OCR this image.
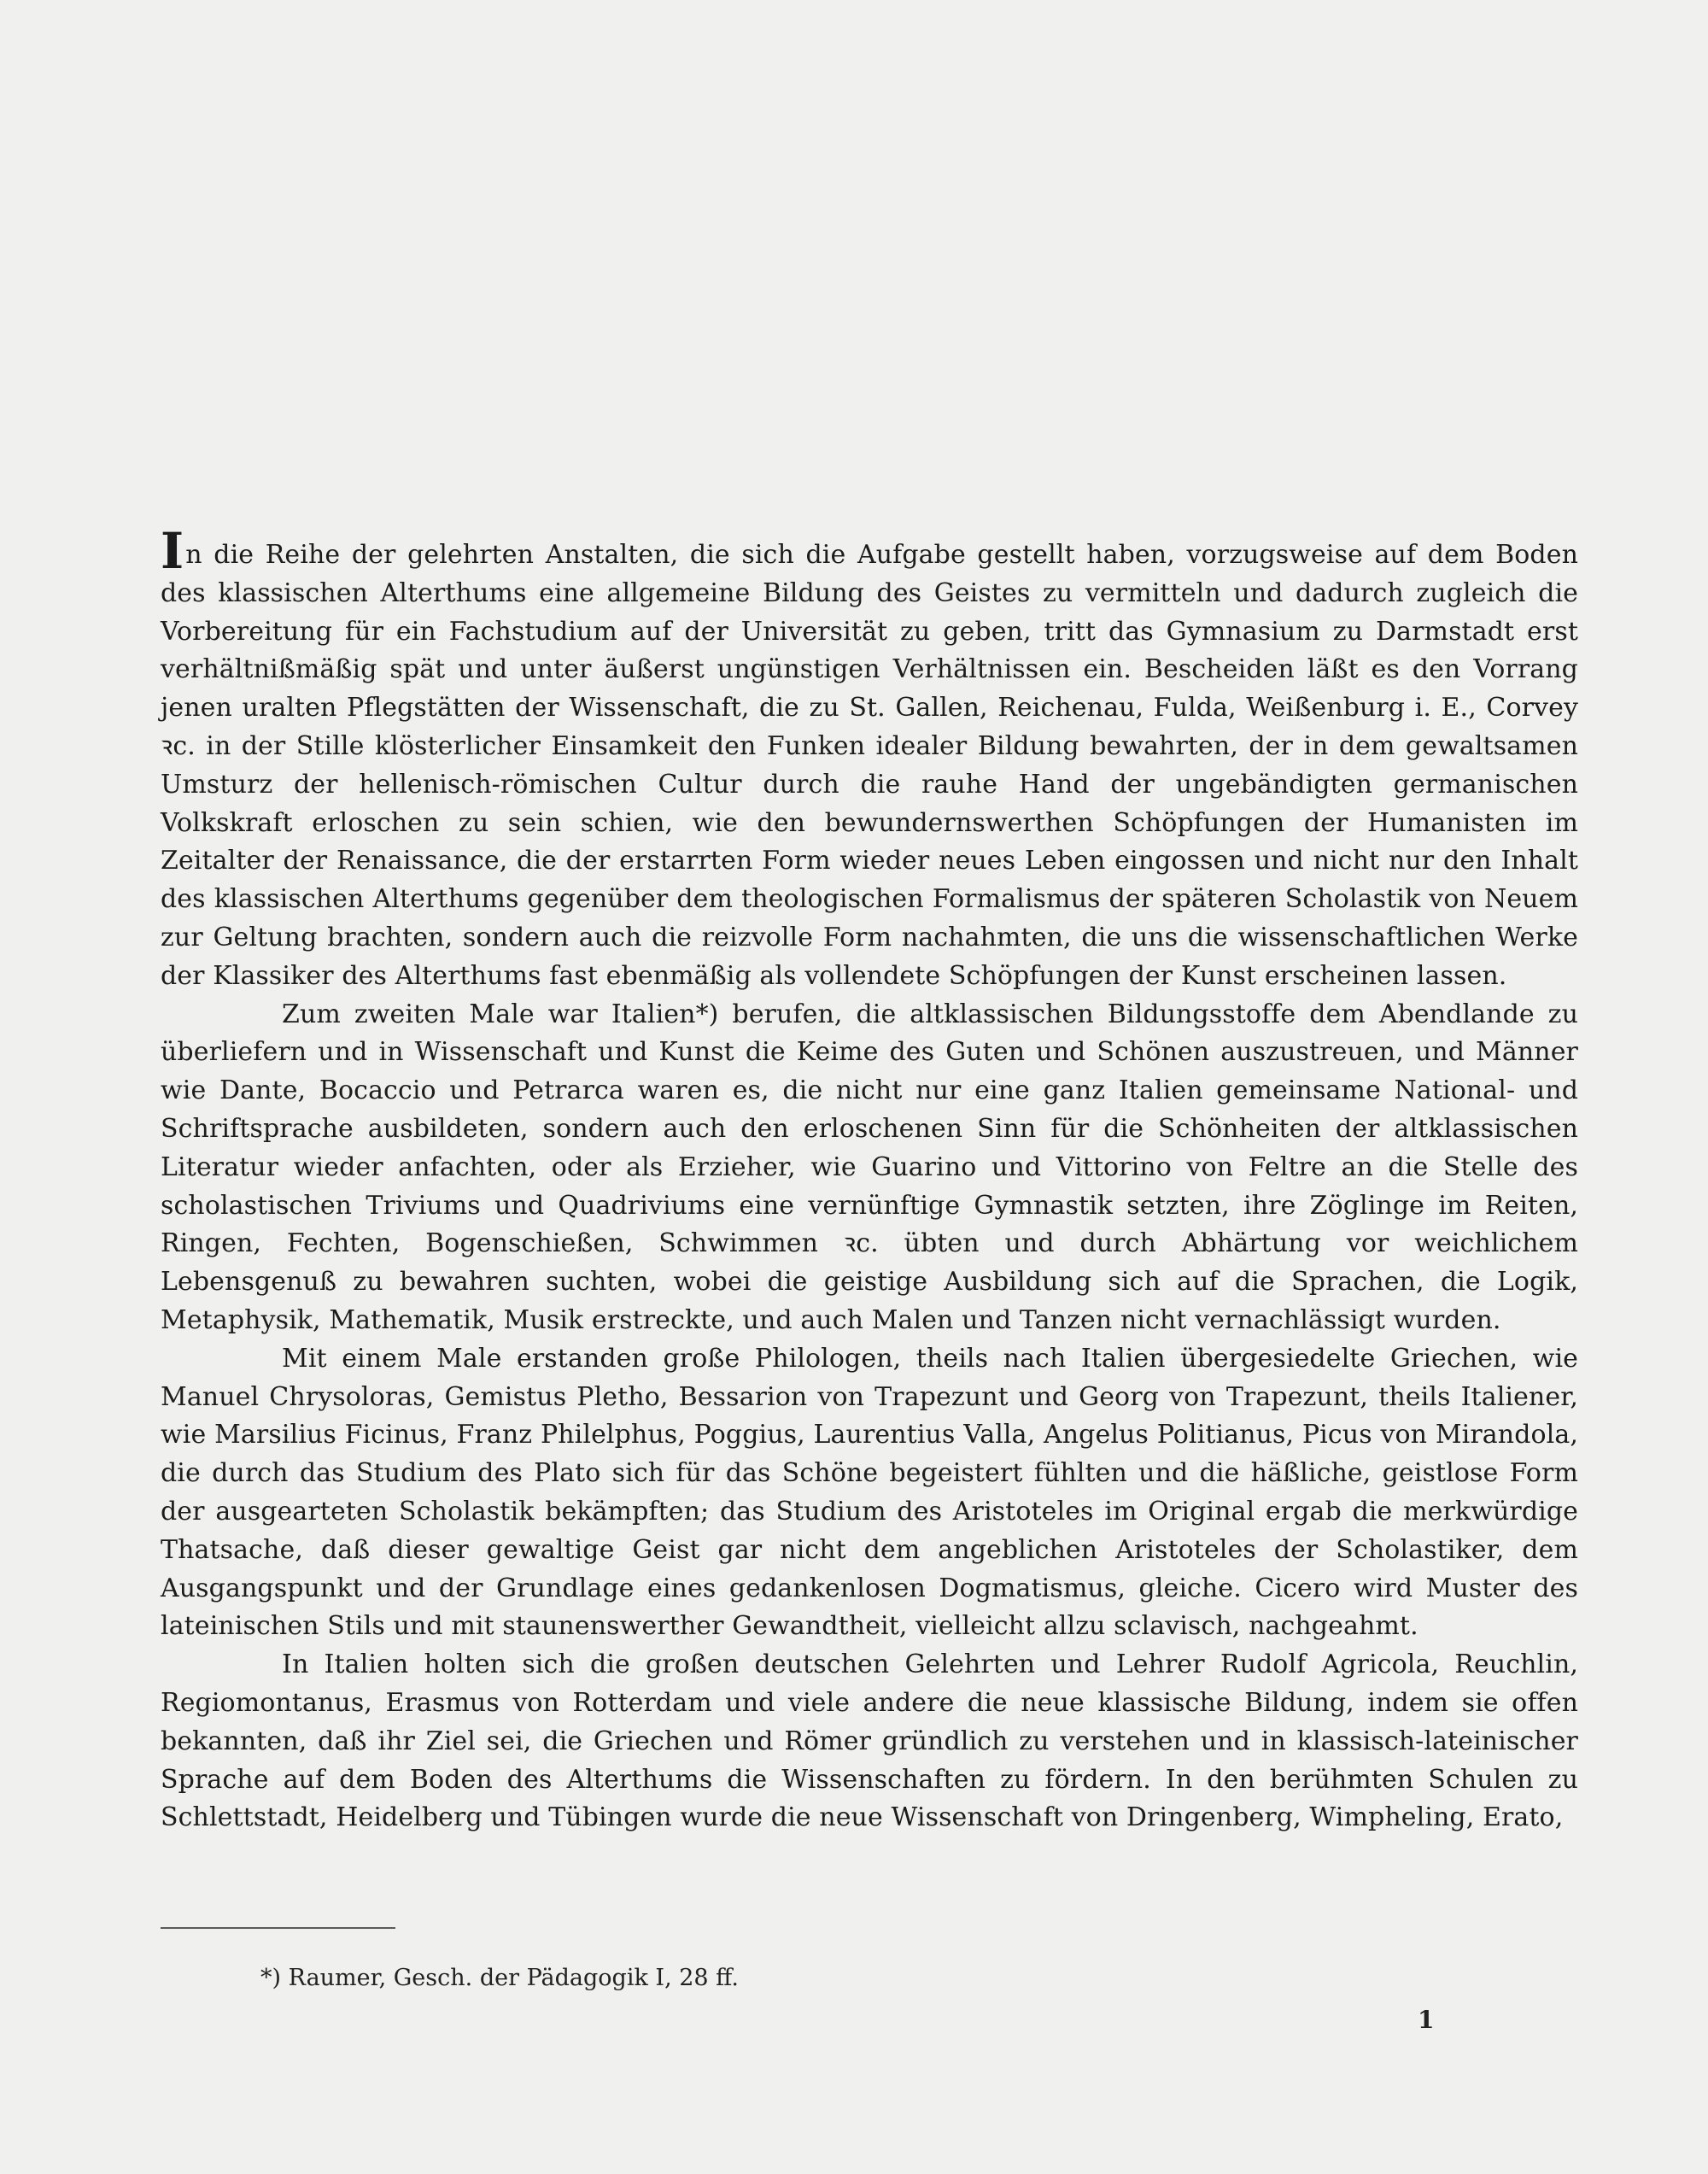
In die Reihe der gelehrten Anstalten, die sich die Aufgabe gestellt haben, vorzugsweise auf dem Boden des klassischen Alterthums eine allgemeine Bildung des Geistes zu vermitteln und dadurch zugleich die Vorbereitung für ein Fachstudium auf der Universität zu geben, tritt das Gymnasium zu Darmstadt erst verhältnißmäßig spät und unter äußerst ungünstigen Verhältnissen ein. Bescheiden läßt es den Vorrang jenen uralten Pflegstätten der Wissenschaft, die zu St. Gallen, Reichenau, Fulda, Weißenburg i. E., Corvey ꝛc. in der Stille klösterlicher Einsamkeit den Funken idealer Bildung bewahrten, der in dem gewaltsamen Umsturz der hellenisch-römischen Cultur durch die rauhe Hand der ungebändigten germanischen Volkskraft erloschen zu sein schien, wie den bewundernswerthen Schöpfungen der Humanisten im Zeitalter der Renaissance, die der erstarrten Form wieder neues Leben eingossen und nicht nur den Inhalt des klassischen Alterthums gegenüber dem theologischen Formalismus der späteren Scholastik von Neuem zur Geltung brachten, sondern auch die reizvolle Form nachahmten, die uns die wissenschaftlichen Werke der Klassiker des Alterthums fast ebenmäßig als vollendete Schöpfungen der Kunst erscheinen lassen.

Zum zweiten Male war Italien*) berufen, die altklassischen Bildungsstoffe dem Abendlande zu überliefern und in Wissenschaft und Kunst die Keime des Guten und Schönen auszustreuen, und Männer wie Dante, Bocaccio und Petrarca waren es, die nicht nur eine ganz Italien gemeinsame National- und Schriftsprache ausbildeten, sondern auch den erloschenen Sinn für die Schönheiten der altklassischen Literatur wieder anfachten, oder als Erzieher, wie Guarino und Vittorino von Feltre an die Stelle des scholastischen Triviums und Quadriviums eine vernünftige Gymnastik setzten, ihre Zöglinge im Reiten, Ringen, Fechten, Bogenschießen, Schwimmen ꝛc. übten und durch Abhärtung vor weichlichem Lebensgenuß zu bewahren suchten, wobei die geistige Ausbildung sich auf die Sprachen, die Logik, Metaphysik, Mathematik, Musik erstreckte, und auch Malen und Tanzen nicht vernachlässigt wurden.

Mit einem Male erstanden große Philologen, theils nach Italien übergesiedelte Griechen, wie Manuel Chrysoloras, Gemistus Pletho, Bessarion von Trapezunt und Georg von Trapezunt, theils Italiener, wie Marsilius Ficinus, Franz Philelphus, Poggius, Laurentius Valla, Angelus Politianus, Picus von Mirandola, die durch das Studium des Plato sich für das Schöne begeistert fühlten und die häßliche, geistlose Form der ausgearteten Scholastik bekämpften; das Studium des Aristoteles im Original ergab die merkwürdige Thatsache, daß dieser gewaltige Geist gar nicht dem angeblichen Aristoteles der Scholastiker, dem Ausgangspunkt und der Grundlage eines gedankenlosen Dogmatismus, gleiche. Cicero wird Muster des lateinischen Stils und mit staunenswerther Gewandtheit, vielleicht allzu sclavisch, nachgeahmt.

In Italien holten sich die großen deutschen Gelehrten und Lehrer Rudolf Agricola, Reuchlin, Regiomontanus, Erasmus von Rotterdam und viele andere die neue klassische Bildung, indem sie offen bekannten, daß ihr Ziel sei, die Griechen und Römer gründlich zu verstehen und in klassisch-lateinischer Sprache auf dem Boden des Alterthums die Wissenschaften zu fördern. In den berühmten Schulen zu Schlettstadt, Heidelberg und Tübingen wurde die neue Wissenschaft von Dringenberg, Wimpheling, Erato,

*) Raumer, Gesch. der Pädagogik I, 28 ff.

1
